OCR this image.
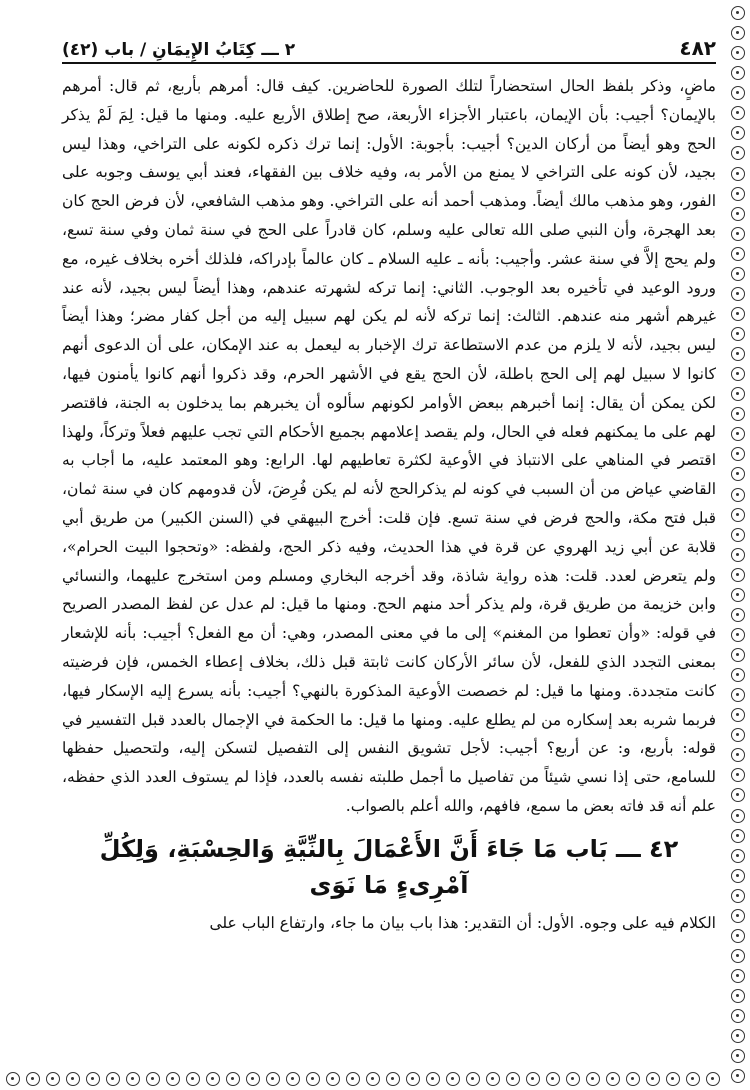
٤٨٢
٢ ـــ كِتَابُ الإِيمَانِ / باب (٤٢)

ماضٍ، وذكر بلفظ الحال استحضاراً لتلك الصورة للحاضرين. كيف قال: أمرهم بأربع، ثم قال: أمرهم بالإيمان؟ أجيب: بأن الإيمان، باعتبار الأجزاء الأربعة، صح إطلاق الأربع عليه. ومنها ما قيل: لِمَ لَمْ يذكر الحج وهو أيضاً من أركان الدين؟ أجيب: بأجوبة: الأول: إنما ترك ذكره لكونه على التراخي، وهذا ليس بجيد، لأن كونه على التراخي لا يمنع من الأمر به، وفيه خلاف بين الفقهاء، فعند أبي يوسف وجوبه على الفور، وهو مذهب مالك أيضاً. ومذهب أحمد أنه على التراخي. وهو مذهب الشافعي، لأن فرض الحج كان بعد الهجرة، وأن النبي صلى الله تعالى عليه وسلم، كان قادراً على الحج في سنة ثمان وفي سنة تسع، ولم يحج إلاَّ في سنة عشر. وأجيب: بأنه ـ عليه السلام ـ كان عالماً بإدراكه، فلذلك أخره بخلاف غيره، مع ورود الوعيد في تأخيره بعد الوجوب. الثاني: إنما تركه لشهرته عندهم، وهذا أيضاً ليس بجيد، لأنه عند غيرهم أشهر منه عندهم. الثالث: إنما تركه لأنه لم يكن لهم سبيل إليه من أجل كفار مضر؛ وهذا أيضاً ليس بجيد، لأنه لا يلزم من عدم الاستطاعة ترك الإخبار به ليعمل به عند الإمكان، على أن الدعوى أنهم كانوا لا سبيل لهم إلى الحج باطلة، لأن الحج يقع في الأشهر الحرم، وقد ذكروا أنهم كانوا يأمنون فيها، لكن يمكن أن يقال: إنما أخبرهم ببعض الأوامر لكونهم سألوه أن يخبرهم بما يدخلون به الجنة، فاقتصر لهم على ما يمكنهم فعله في الحال، ولم يقصد إعلامهم بجميع الأحكام التي تجب عليهم فعلاً وتركاً، ولهذا اقتصر في المناهي على الانتباذ في الأوعية لكثرة تعاطيهم لها. الرابع: وهو المعتمد عليه، ما أجاب به القاضي عياض من أن السبب في كونه لم يذكرالحج لأنه لم يكن فُرِضَ، لأن قدومهم كان في سنة ثمان، قبل فتح مكة، والحج فرض في سنة تسع. فإن قلت: أخرج البيهقي في (السنن الكبير) من طريق أبي قلابة عن أبي زيد الهروي عن قرة في هذا الحديث، وفيه ذكر الحج، ولفظه: «وتحجوا البيت الحرام»، ولم يتعرض لعدد. قلت: هذه رواية شاذة، وقد أخرجه البخاري ومسلم ومن استخرج عليهما، والنسائي وابن خزيمة من طريق قرة، ولم يذكر أحد منهم الحج. ومنها ما قيل: لم عدل عن لفظ المصدر الصريح في قوله: «وأن تعطوا من المغنم» إلى ما في معنى المصدر، وهي: أن مع الفعل؟ أجيب: بأنه للإشعار بمعنى التجدد الذي للفعل، لأن سائر الأركان كانت ثابتة قبل ذلك، بخلاف إعطاء الخمس، فإن فرضيته كانت متجددة. ومنها ما قيل: لم خصصت الأوعية المذكورة بالنهي؟ أجيب: بأنه يسرع إليه الإسكار فيها، فربما شربه بعد إسكاره من لم يطلع عليه. ومنها ما قيل: ما الحكمة في الإجمال بالعدد قبل التفسير في قوله: بأربع، و: عن أربع؟ أجيب: لأجل تشويق النفس إلى التفصيل لتسكن إليه، ولتحصيل حفظها للسامع، حتى إذا نسي شيئاً من تفاصيل ما أجمل طلبته نفسه بالعدد، فإذا لم يستوف العدد الذي حفظه، علم أنه قد فاته بعض ما سمع، فافهم، والله أعلم بالصواب.

٤٢ ـــ بَاب مَا جَاءَ أَنَّ الأَعْمَالَ بِالنِّيَّةِ وَالحِسْبَةِ، وَلِكُلِّ آمْرِىءٍ مَا نَوَى
الكلام فيه على وجوه. الأول: أن التقدير: هذا باب بيان ما جاء، وارتفاع الباب على
